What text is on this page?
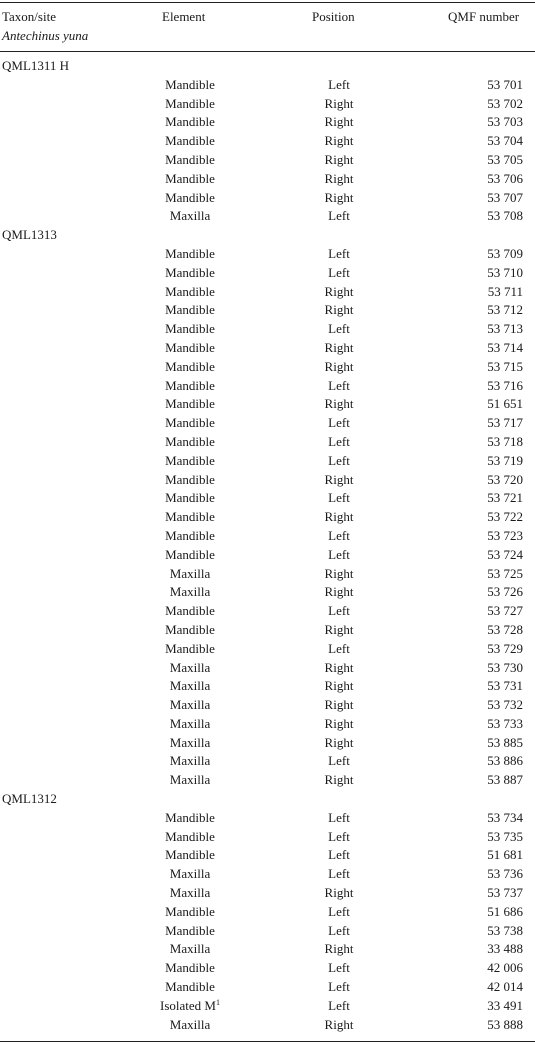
Taxon/site
Antechinus yuna
Element	Position	QMF number
QML1311 H
Mandible	Left	53 701
Mandible	Right	53 702
Mandible	Right	53 703
Mandible	Right	53 704
Mandible	Right	53 705
Mandible	Right	53 706
Mandible	Right	53 707
Maxilla	Left	53 708
QML1313
Mandible	Left	53 709
Mandible	Left	53 710
Mandible	Right	53 711
Mandible	Right	53 712
Mandible	Left	53 713
Mandible	Right	53 714
Mandible	Right	53 715
Mandible	Left	53 716
Mandible	Right	51 651
Mandible	Left	53 717
Mandible	Left	53 718
Mandible	Left	53 719
Mandible	Right	53 720
Mandible	Left	53 721
Mandible	Right	53 722
Mandible	Left	53 723
Mandible	Left	53 724
Maxilla	Right	53 725
Maxilla	Right	53 726
Mandible	Left	53 727
Mandible	Right	53 728
Mandible	Left	53 729
Maxilla	Right	53 730
Maxilla	Right	53 731
Maxilla	Right	53 732
Maxilla	Right	53 733
Maxilla	Right	53 885
Maxilla	Left	53 886
Maxilla	Right	53 887
QML1312
Mandible	Left	53 734
Mandible	Left	53 735
Mandible	Left	51 681
Maxilla	Left	53 736
Maxilla	Right	53 737
Mandible	Left	51 686
Mandible	Left	53 738
Maxilla	Right	33 488
Mandible	Left	42 006
Mandible	Left	42 014
Isolated $M^1$	Left	33 491
Maxilla	Right	53 888
